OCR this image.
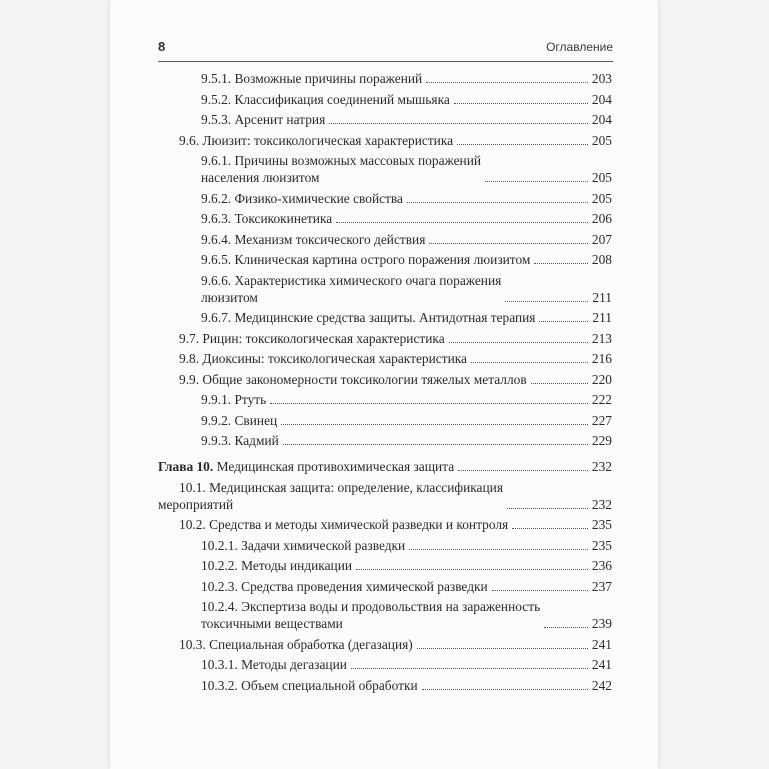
8	Оглавление
9.5.1. Возможные причины поражений	203
9.5.2. Классификация соединений мышьяка	204
9.5.3. Арсенит натрия	204
9.6. Люизит: токсикологическая характеристика	205
9.6.1. Причины возможных массовых поражений
населения люизитом	205
9.6.2. Физико-химические свойства	205
9.6.3. Токсикокинетика	206
9.6.4. Механизм токсического действия	207
9.6.5. Клиническая картина острого поражения люизитом	208
9.6.6. Характеристика химического очага поражения
люизитом	211
9.6.7. Медицинские средства защиты. Антидотная терапия	211
9.7. Рицин: токсикологическая характеристика	213
9.8. Диоксины: токсикологическая характеристика	216
9.9. Общие закономерности токсикологии тяжелых металлов	220
9.9.1. Ртуть	222
9.9.2. Свинец	227
9.9.3. Кадмий	229
Глава 10. Медицинская противохимическая защита	232
10.1. Медицинская защита: определение, классификация
мероприятий	232
10.2. Средства и методы химической разведки и контроля	235
10.2.1. Задачи химической разведки	235
10.2.2. Методы индикации	236
10.2.3. Средства проведения химической разведки	237
10.2.4. Экспертиза воды и продовольствия на зараженность
токсичными веществами	239
10.3. Специальная обработка (дегазация)	241
10.3.1. Методы дегазации	241
10.3.2. Объем специальной обработки	242
